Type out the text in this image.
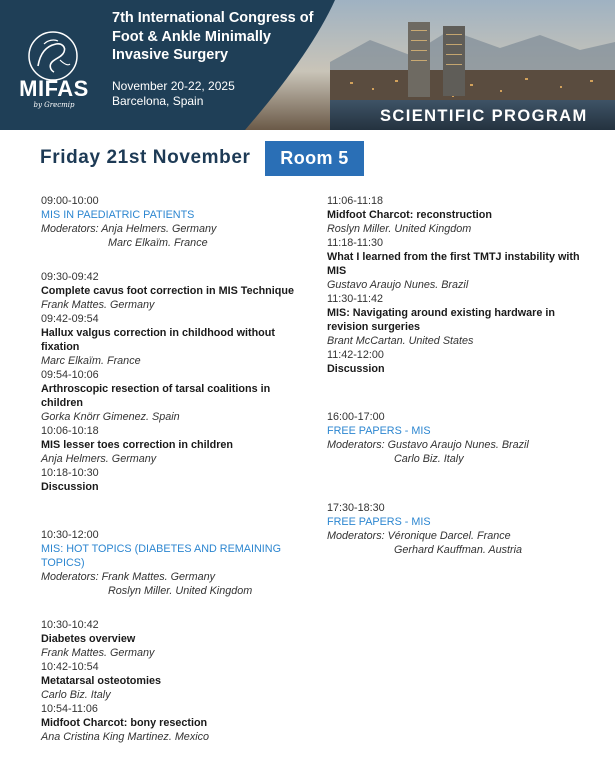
MIFAS
by Grecmip
7th International Congress of Foot & Ankle Minimally Invasive Surgery
November 20-22, 2025
Barcelona, Spain
SCIENTIFIC PROGRAM
Friday 21st November	Room 5
09:00-10:00
MIS IN PAEDIATRIC PATIENTS
Moderators: Anja Helmers. Germany
Marc Elkaïm. France
09:30-09:42
Complete cavus foot correction in MIS Technique
Frank Mattes. Germany
09:42-09:54
Hallux valgus correction in childhood without fixation
Marc Elkaïm. France
09:54-10:06
Arthroscopic resection of tarsal coalitions in children
Gorka Knörr Gimenez. Spain
10:06-10:18
MIS lesser toes correction in children
Anja Helmers. Germany
10:18-10:30
Discussion
10:30-12:00
MIS: HOT TOPICS (DIABETES AND REMAINING TOPICS)
Moderators: Frank Mattes. Germany
Roslyn Miller. United Kingdom
10:30-10:42
Diabetes overview
Frank Mattes. Germany
10:42-10:54
Metatarsal osteotomies
Carlo Biz. Italy
10:54-11:06
Midfoot Charcot: bony resection
Ana Cristina King Martinez. Mexico
11:06-11:18
Midfoot Charcot: reconstruction
Roslyn Miller. United Kingdom
11:18-11:30
What I learned from the first TMTJ instability with MIS
Gustavo Araujo Nunes. Brazil
11:30-11:42
MIS: Navigating around existing hardware in revision surgeries
Brant McCartan. United States
11:42-12:00
Discussion
16:00-17:00
FREE PAPERS - MIS
Moderators: Gustavo Araujo Nunes. Brazil
Carlo Biz. Italy
17:30-18:30
FREE PAPERS - MIS
Moderators: Véronique Darcel. France
Gerhard Kauffman. Austria
